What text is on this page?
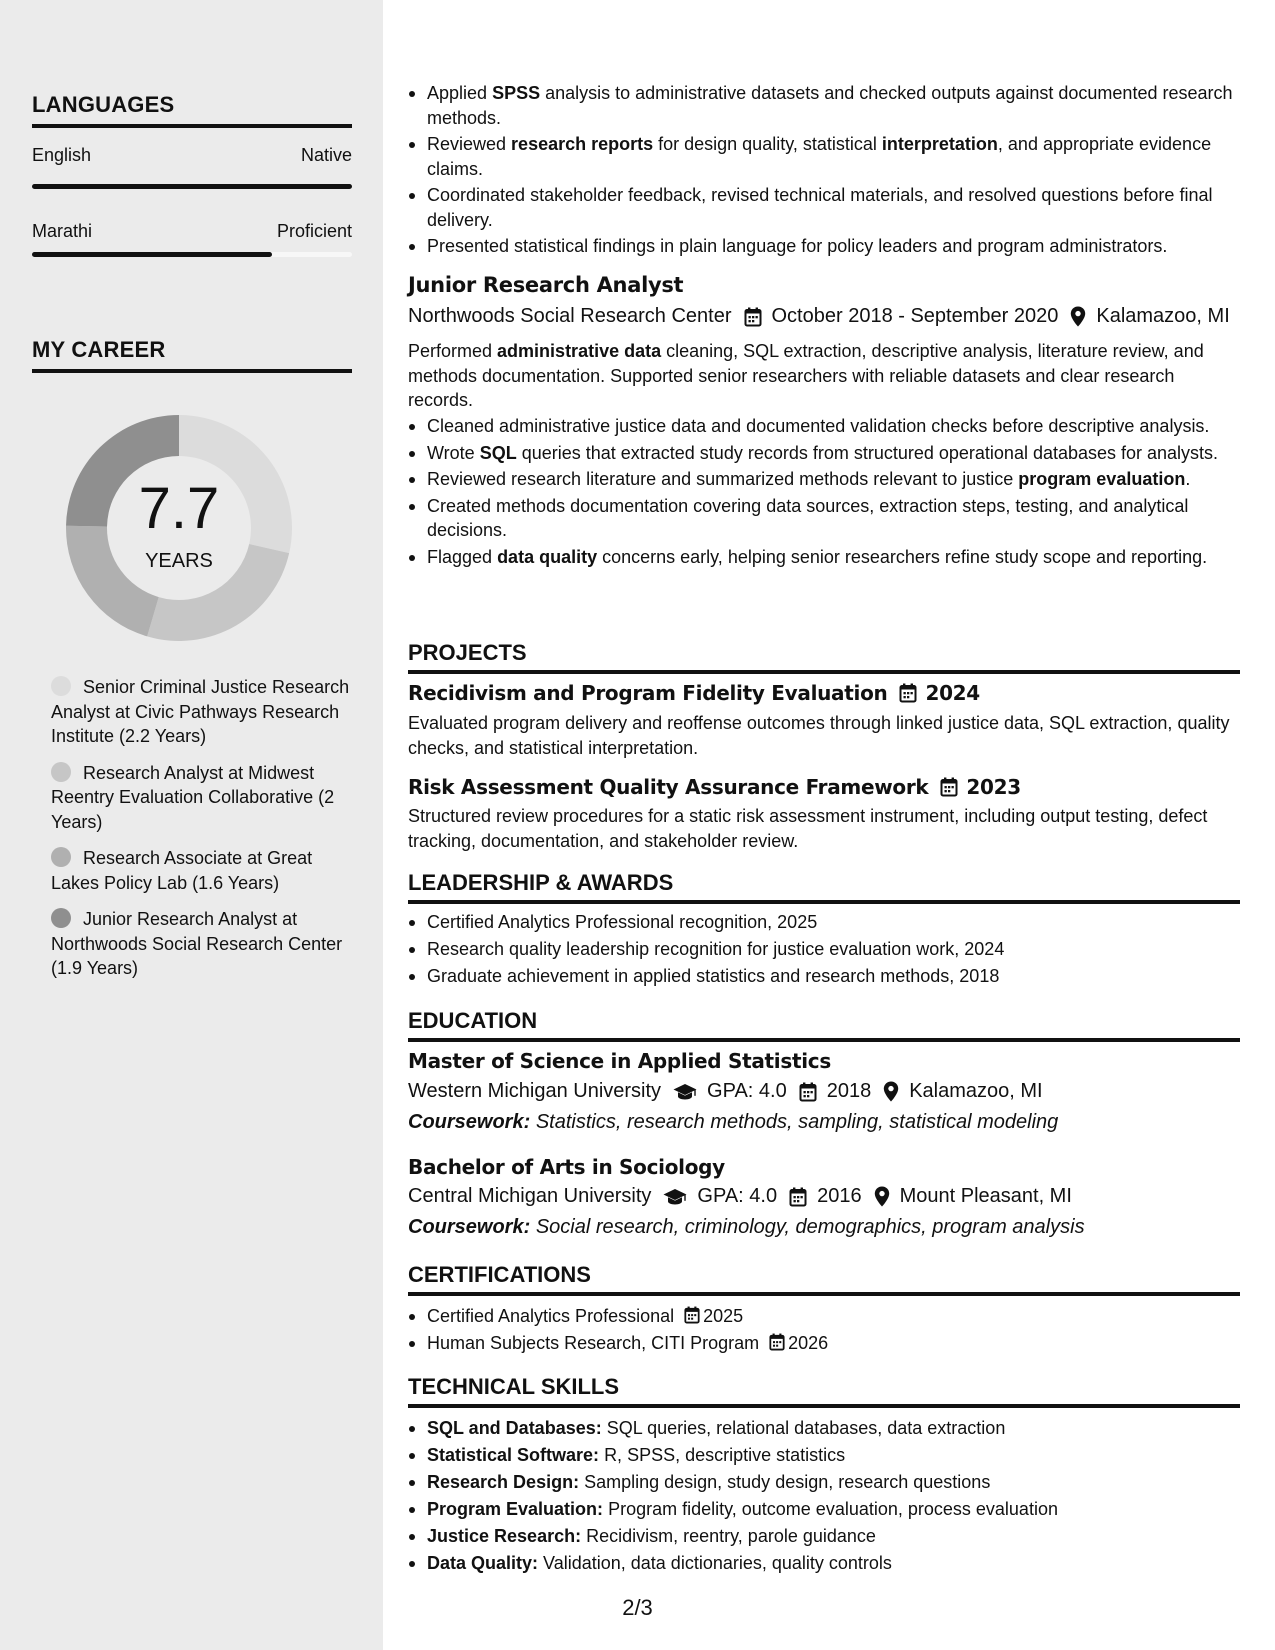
LANGUAGES
English	Native
Marathi	Proficient
MY CAREER
7.7
YEARS
Senior Criminal Justice Research Analyst at Civic Pathways Research Institute (2.2 Years)
Research Analyst at Midwest Reentry Evaluation Collaborative (2 Years)
Research Associate at Great Lakes Policy Lab (1.6 Years)
Junior Research Analyst at Northwoods Social Research Center (1.9 Years)
Applied SPSS analysis to administrative datasets and checked outputs against documented research methods.
Reviewed research reports for design quality, statistical interpretation, and appropriate evidence claims.
Coordinated stakeholder feedback, revised technical materials, and resolved questions before final delivery.
Presented statistical findings in plain language for policy leaders and program administrators.
Junior Research Analyst
Northwoods Social Research Center October 2018 - September 2020 Kalamazoo, MI
Performed administrative data cleaning, SQL extraction, descriptive analysis, literature review, and methods documentation. Supported senior researchers with reliable datasets and clear research records.
Cleaned administrative justice data and documented validation checks before descriptive analysis.
Wrote SQL queries that extracted study records from structured operational databases for analysts.
Reviewed research literature and summarized methods relevant to justice program evaluation.
Created methods documentation covering data sources, extraction steps, testing, and analytical decisions.
Flagged data quality concerns early, helping senior researchers refine study scope and reporting.
PROJECTS
Recidivism and Program Fidelity Evaluation 2024
Evaluated program delivery and reoffense outcomes through linked justice data, SQL extraction, quality checks, and statistical interpretation.
Risk Assessment Quality Assurance Framework 2023
Structured review procedures for a static risk assessment instrument, including output testing, defect tracking, documentation, and stakeholder review.
LEADERSHIP & AWARDS
Certified Analytics Professional recognition, 2025
Research quality leadership recognition for justice evaluation work, 2024
Graduate achievement in applied statistics and research methods, 2018
EDUCATION
Master of Science in Applied Statistics
Western Michigan University GPA: 4.0 2018 Kalamazoo, MI
Coursework: Statistics, research methods, sampling, statistical modeling
Bachelor of Arts in Sociology
Central Michigan University GPA: 4.0 2016 Mount Pleasant, MI
Coursework: Social research, criminology, demographics, program analysis
CERTIFICATIONS
Certified Analytics Professional 2025
Human Subjects Research, CITI Program 2026
TECHNICAL SKILLS
SQL and Databases: SQL queries, relational databases, data extraction
Statistical Software: R, SPSS, descriptive statistics
Research Design: Sampling design, study design, research questions
Program Evaluation: Program fidelity, outcome evaluation, process evaluation
Justice Research: Recidivism, reentry, parole guidance
Data Quality: Validation, data dictionaries, quality controls
2/3
